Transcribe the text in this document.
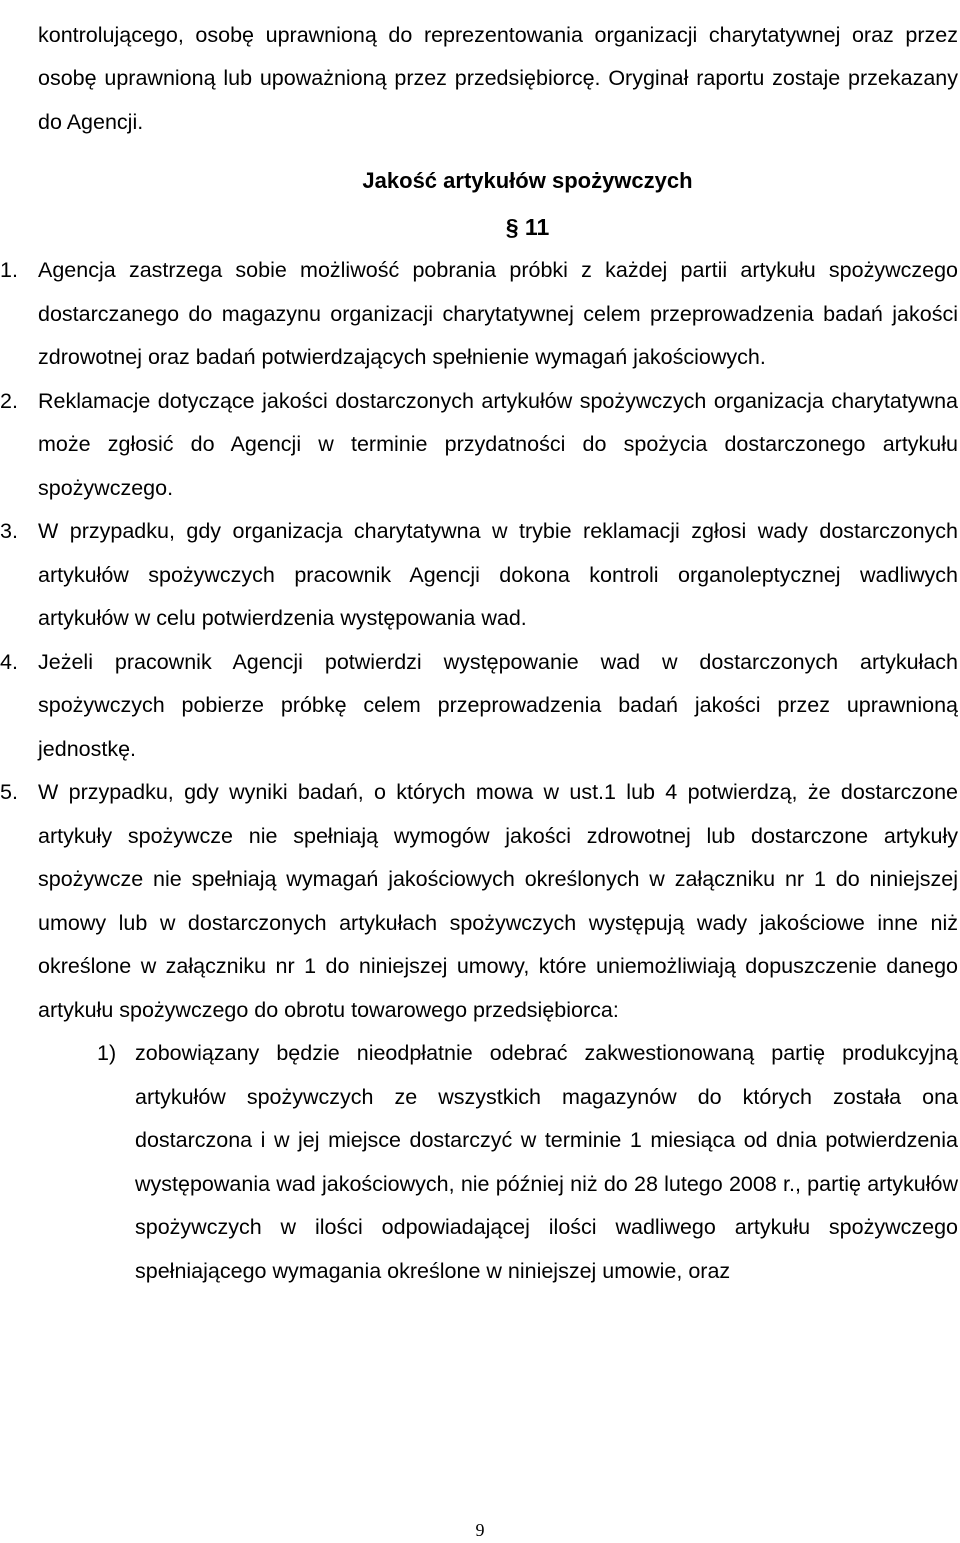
kontrolującego, osobę uprawnioną do reprezentowania organizacji charytatywnej oraz przez osobę uprawnioną lub upoważnioną przez przedsiębiorcę. Oryginał raportu zostaje przekazany do Agencji.

Jakość artykułów spożywczych
§ 11
1. Agencja zastrzega sobie możliwość pobrania próbki z każdej partii artykułu spożywczego dostarczanego do magazynu organizacji charytatywnej celem przeprowadzenia badań jakości zdrowotnej oraz badań potwierdzających spełnienie wymagań jakościowych.
2. Reklamacje dotyczące jakości dostarczonych artykułów spożywczych organizacja charytatywna może zgłosić do Agencji w terminie przydatności do spożycia dostarczonego artykułu spożywczego.
3. W przypadku, gdy organizacja charytatywna w trybie reklamacji zgłosi wady dostarczonych artykułów spożywczych pracownik Agencji dokona kontroli organoleptycznej wadliwych artykułów w celu potwierdzenia występowania wad.
4. Jeżeli pracownik Agencji potwierdzi występowanie wad w dostarczonych artykułach spożywczych pobierze próbkę celem przeprowadzenia badań jakości przez uprawnioną jednostkę.
5. W przypadku, gdy wyniki badań, o których mowa w ust.1 lub 4 potwierdzą, że dostarczone artykuły spożywcze nie spełniają wymogów jakości zdrowotnej lub dostarczone artykuły spożywcze nie spełniają wymagań jakościowych określonych w załączniku nr 1 do niniejszej umowy lub w dostarczonych artykułach spożywczych występują wady jakościowe inne niż określone w załączniku nr 1 do niniejszej umowy, które uniemożliwiają dopuszczenie danego artykułu spożywczego do obrotu towarowego przedsiębiorca:
1) zobowiązany będzie nieodpłatnie odebrać zakwestionowaną partię produkcyjną artykułów spożywczych ze wszystkich magazynów do których została ona dostarczona i w jej miejsce dostarczyć w terminie 1 miesiąca od dnia potwierdzenia występowania wad jakościowych, nie później niż do 28 lutego 2008 r., partię artykułów spożywczych w ilości odpowiadającej ilości wadliwego artykułu spożywczego spełniającego wymagania określone w niniejszej umowie, oraz
9
